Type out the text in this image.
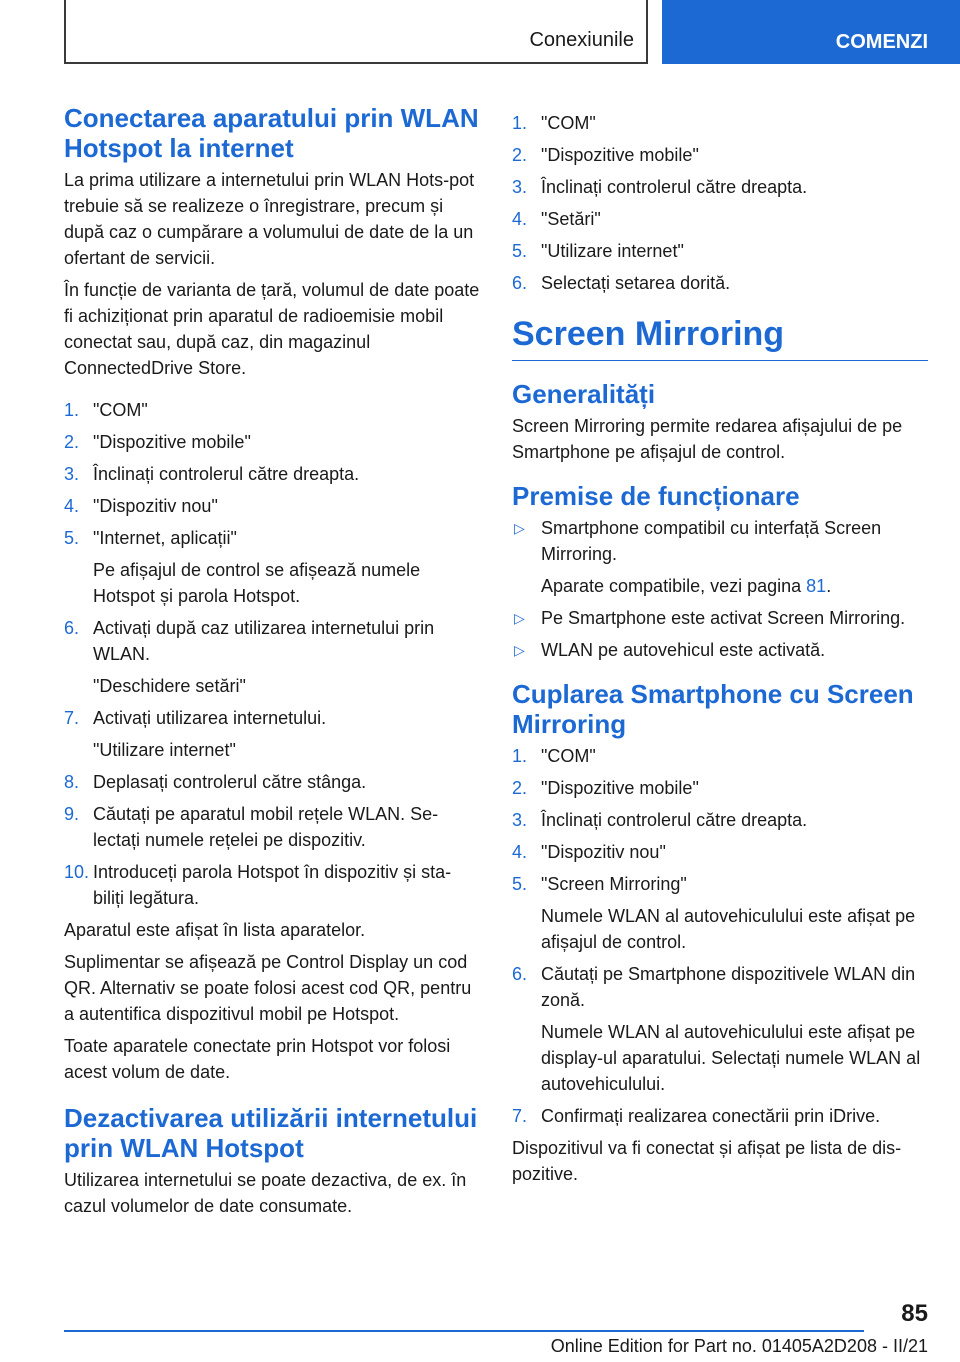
Conexiunile	COMENZI
Conectarea aparatului prin WLAN Hotspot la internet

La prima utilizare a internetului prin WLAN Hots-pot trebuie să se realizeze o înregistrare, precum și după caz o cumpărare a volumului de date de la un ofertant de servicii.

În funcție de varianta de țară, volumul de date poate fi achiziționat prin aparatul de radioemisie mobil conectat sau, după caz, din magazinul ConnectedDrive Store.

1. "COM"
2. "Dispozitive mobile"
3. Înclinați controlerul către dreapta.
4. "Dispozitiv nou"
5. "Internet, aplicații"
Pe afișajul de control se afișează numele Hotspot și parola Hotspot.
6. Activați după caz utilizarea internetului prin WLAN.
"Deschidere setări"
7. Activați utilizarea internetului.
"Utilizare internet"
8. Deplasați controlerul către stânga.
9. Căutați pe aparatul mobil rețele WLAN. Se-lectați numele rețelei pe dispozitiv.
10. Introduceți parola Hotspot în dispozitiv și sta-biliți legătura.

Aparatul este afișat în lista aparatelor.

Suplimentar se afișează pe Control Display un cod QR. Alternativ se poate folosi acest cod QR, pentru a autentifica dispozitivul mobil pe Hotspot.

Toate aparatele conectate prin Hotspot vor folosi acest volum de date.

Dezactivarea utilizării internetului prin WLAN Hotspot

Utilizarea internetului se poate dezactiva, de ex. în cazul volumelor de date consumate.

1. "COM"
2. "Dispozitive mobile"
3. Înclinați controlerul către dreapta.
4. "Setări"
5. "Utilizare internet"
6. Selectați setarea dorită.
Screen Mirroring
Generalități

Screen Mirroring permite redarea afișajului de pe Smartphone pe afișajul de control.

Premise de funcționare
▷ Smartphone compatibil cu interfață Screen Mirroring.
Aparate compatibile, vezi pagina 81.
▷ Pe Smartphone este activat Screen Mirroring.
▷ WLAN pe autovehicul este activată.
Cuplarea Smartphone cu Screen Mirroring
1. "COM"
2. "Dispozitive mobile"
3. Înclinați controlerul către dreapta.
4. "Dispozitiv nou"
5. "Screen Mirroring"
Numele WLAN al autovehiculului este afișat pe afișajul de control.
6. Căutați pe Smartphone dispozitivele WLAN din zonă.
Numele WLAN al autovehiculului este afișat pe display-ul aparatului. Selectați numele WLAN al autovehiculului.
7. Confirmați realizarea conectării prin iDrive.

Dispozitivul va fi conectat și afișat pe lista de dis-pozitive.

85
Online Edition for Part no. 01405A2D208 - II/21
